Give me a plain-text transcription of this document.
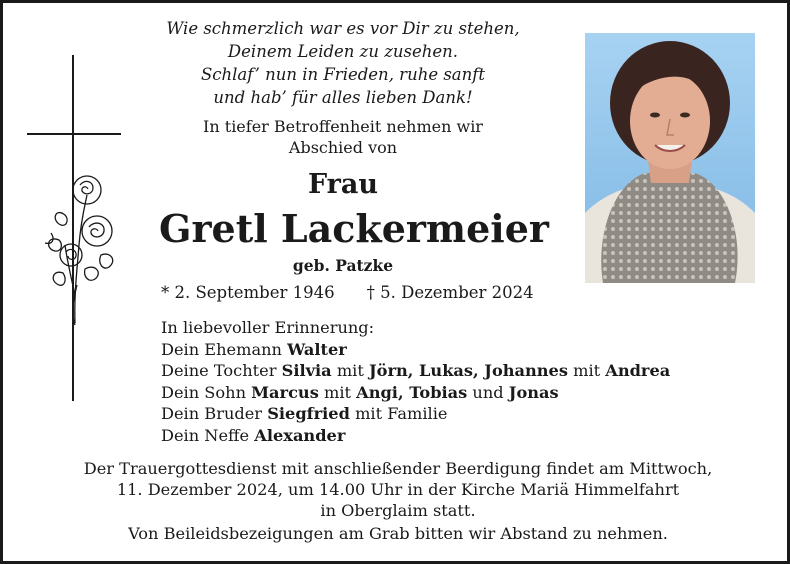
Wie schmerzlich war es vor Dir zu stehen,
Deinem Leiden zu zusehen.
Schlaf’ nun in Frieden, ruhe sanft
und hab’ für alles lieben Dank!
In tiefer Betroffenheit nehmen wir
Abschied von
Frau
Gretl Lackermeier
geb. Patzke
* 2. September 1946 † 5. Dezember 2024
In liebevoller Erinnerung:
Dein Ehemann Walter
Deine Tochter Silvia mit Jörn, Lukas, Johannes mit Andrea
Dein Sohn Marcus mit Angi, Tobias und Jonas
Dein Bruder Siegfried mit Familie
Dein Neffe Alexander
Der Trauergottesdienst mit anschließender Beerdigung findet am Mittwoch,
11. Dezember 2024, um 14.00 Uhr in der Kirche Mariä Himmelfahrt
in Oberglaim statt.
Von Beileidsbezeigungen am Grab bitten wir Abstand zu nehmen.
